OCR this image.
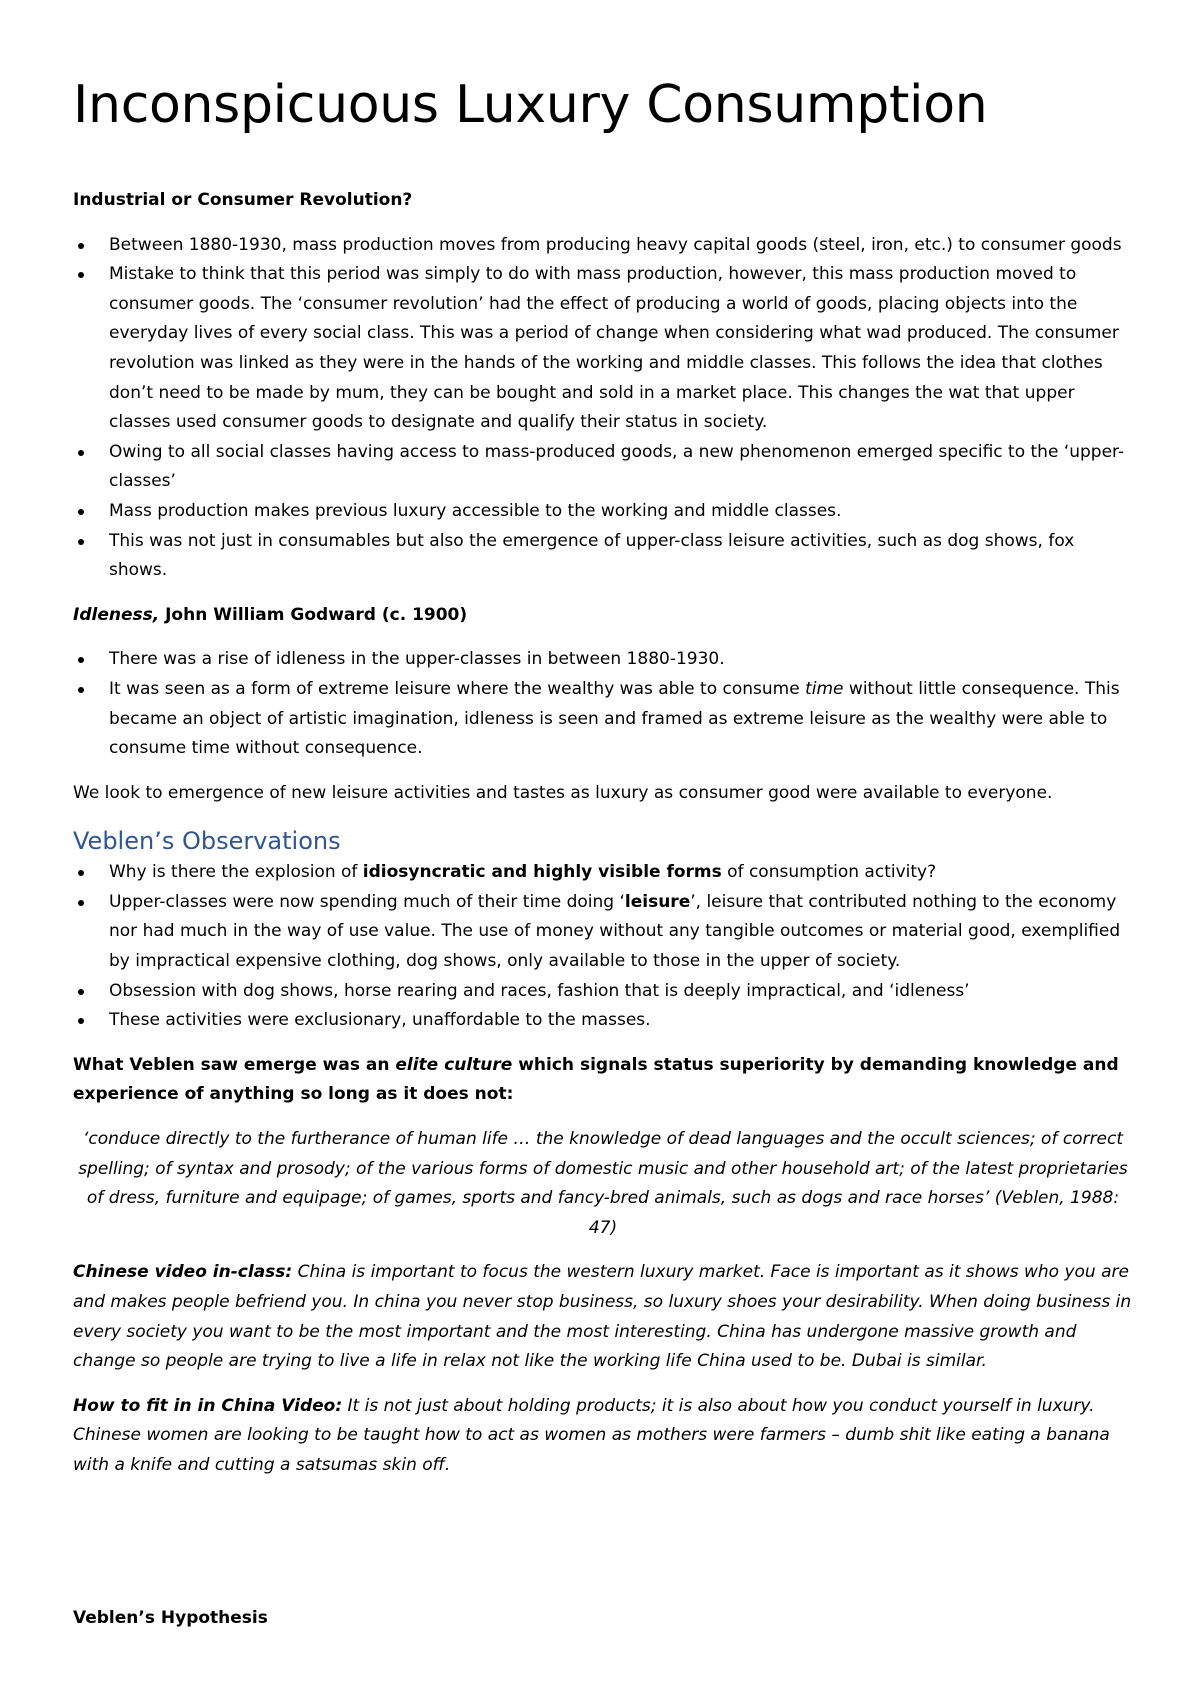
Inconspicuous Luxury Consumption

Industrial or Consumer Revolution?

Between 1880-1930, mass production moves from producing heavy capital goods (steel, iron, etc.) to consumer goods
Mistake to think that this period was simply to do with mass production, however, this mass production moved to consumer goods. The ‘consumer revolution’ had the effect of producing a world of goods, placing objects into the everyday lives of every social class. This was a period of change when considering what wad produced. The consumer revolution was linked as they were in the hands of the working and middle classes. This follows the idea that clothes don’t need to be made by mum, they can be bought and sold in a market place. This changes the wat that upper classes used consumer goods to designate and qualify their status in society.
Owing to all social classes having access to mass-produced goods, a new phenomenon emerged specific to the ‘upper-classes’
Mass production makes previous luxury accessible to the working and middle classes.
This was not just in consumables but also the emergence of upper-class leisure activities, such as dog shows, fox shows.

Idleness, John William Godward (c. 1900)

There was a rise of idleness in the upper-classes in between 1880-1930.
It was seen as a form of extreme leisure where the wealthy was able to consume time without little consequence. This became an object of artistic imagination, idleness is seen and framed as extreme leisure as the wealthy were able to consume time without consequence.

We look to emergence of new leisure activities and tastes as luxury as consumer good were available to everyone.

Veblen’s Observations
Why is there the explosion of idiosyncratic and highly visible forms of consumption activity?
Upper-classes were now spending much of their time doing ‘leisure’, leisure that contributed nothing to the economy nor had much in the way of use value. The use of money without any tangible outcomes or material good, exemplified by impractical expensive clothing, dog shows, only available to those in the upper of society.
Obsession with dog shows, horse rearing and races, fashion that is deeply impractical, and ‘idleness’
These activities were exclusionary, unaffordable to the masses.

What Veblen saw emerge was an elite culture which signals status superiority by demanding knowledge and experience of anything so long as it does not:

‘conduce directly to the furtherance of human life … the knowledge of dead languages and the occult sciences; of correct spelling; of syntax and prosody; of the various forms of domestic music and other household art; of the latest proprietaries of dress, furniture and equipage; of games, sports and fancy-bred animals, such as dogs and race horses’ (Veblen, 1988: 47)

Chinese video in-class: China is important to focus the western luxury market. Face is important as it shows who you are and makes people befriend you. In china you never stop business, so luxury shoes your desirability. When doing business in every society you want to be the most important and the most interesting. China has undergone massive growth and change so people are trying to live a life in relax not like the working life China used to be. Dubai is similar.

How to fit in in China Video: It is not just about holding products; it is also about how you conduct yourself in luxury. Chinese women are looking to be taught how to act as women as mothers were farmers – dumb shit like eating a banana with a knife and cutting a satsumas skin off.

Veblen’s Hypothesis
